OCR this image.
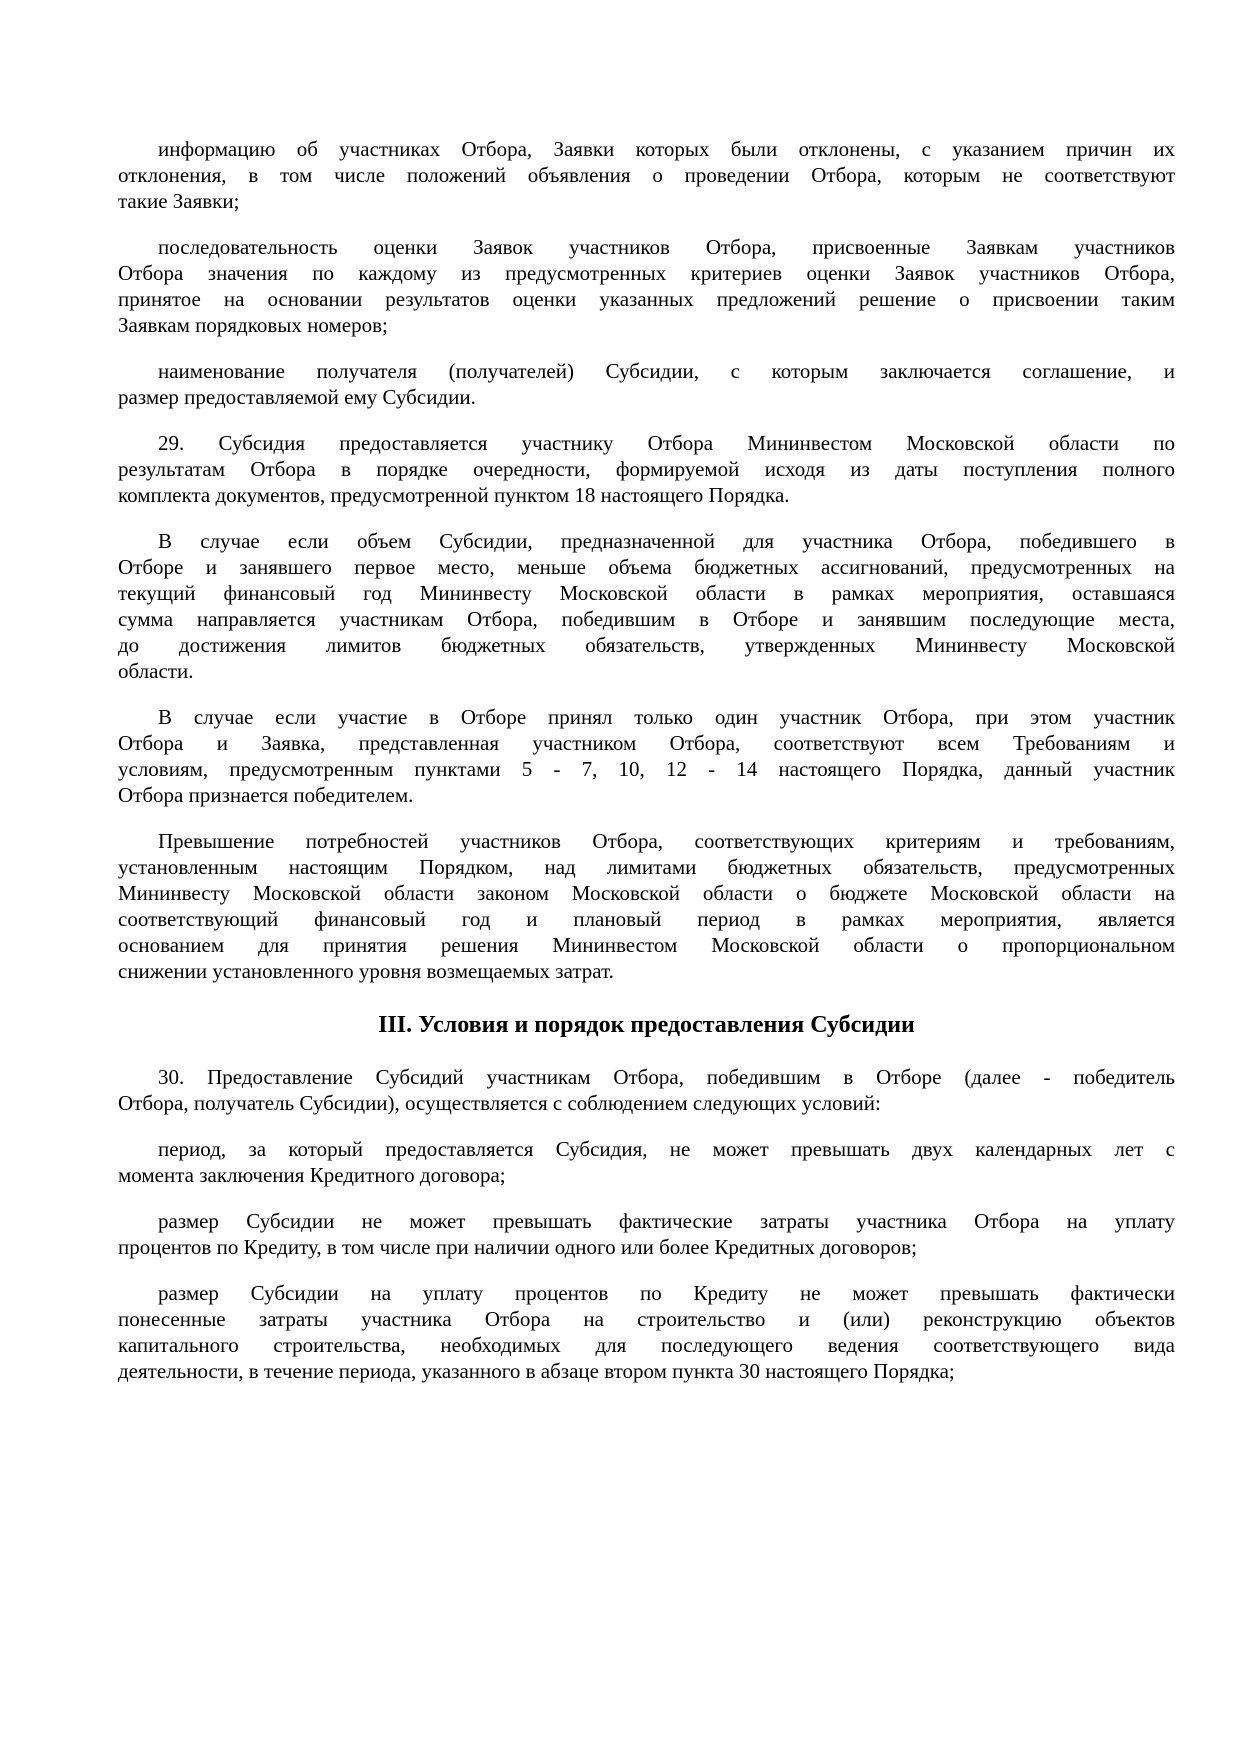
информацию об участниках Отбора, Заявки которых были отклонены, с указанием причин их
отклонения, в том числе положений объявления о проведении Отбора, которым не соответствуют
такие Заявки;
последовательность оценки Заявок участников Отбора, присвоенные Заявкам участников
Отбора значения по каждому из предусмотренных критериев оценки Заявок участников Отбора,
принятое на основании результатов оценки указанных предложений решение о присвоении таким
Заявкам порядковых номеров;
наименование получателя (получателей) Субсидии, с которым заключается соглашение, и
размер предоставляемой ему Субсидии.
29. Субсидия предоставляется участнику Отбора Мининвестом Московской области по
результатам Отбора в порядке очередности, формируемой исходя из даты поступления полного
комплекта документов, предусмотренной пунктом 18 настоящего Порядка.
В случае если объем Субсидии, предназначенной для участника Отбора, победившего в
Отборе и занявшего первое место, меньше объема бюджетных ассигнований, предусмотренных на
текущий финансовый год Мининвесту Московской области в рамках мероприятия, оставшаяся
сумма направляется участникам Отбора, победившим в Отборе и занявшим последующие места,
до достижения лимитов бюджетных обязательств, утвержденных Мининвесту Московской
области.
В случае если участие в Отборе принял только один участник Отбора, при этом участник
Отбора и Заявка, представленная участником Отбора, соответствуют всем Требованиям и
условиям, предусмотренным пунктами 5 - 7, 10, 12 - 14 настоящего Порядка, данный участник
Отбора признается победителем.
Превышение потребностей участников Отбора, соответствующих критериям и требованиям,
установленным настоящим Порядком, над лимитами бюджетных обязательств, предусмотренных
Мининвесту Московской области законом Московской области о бюджете Московской области на
соответствующий финансовый год и плановый период в рамках мероприятия, является
основанием для принятия решения Мининвестом Московской области о пропорциональном
снижении установленного уровня возмещаемых затрат.
III. Условия и порядок предоставления Субсидии
30. Предоставление Субсидий участникам Отбора, победившим в Отборе (далее - победитель
Отбора, получатель Субсидии), осуществляется с соблюдением следующих условий:
период, за который предоставляется Субсидия, не может превышать двух календарных лет с
момента заключения Кредитного договора;
размер Субсидии не может превышать фактические затраты участника Отбора на уплату
процентов по Кредиту, в том числе при наличии одного или более Кредитных договоров;
размер Субсидии на уплату процентов по Кредиту не может превышать фактически
понесенные затраты участника Отбора на строительство и (или) реконструкцию объектов
капитального строительства, необходимых для последующего ведения соответствующего вида
деятельности, в течение периода, указанного в абзаце втором пункта 30 настоящего Порядка;
